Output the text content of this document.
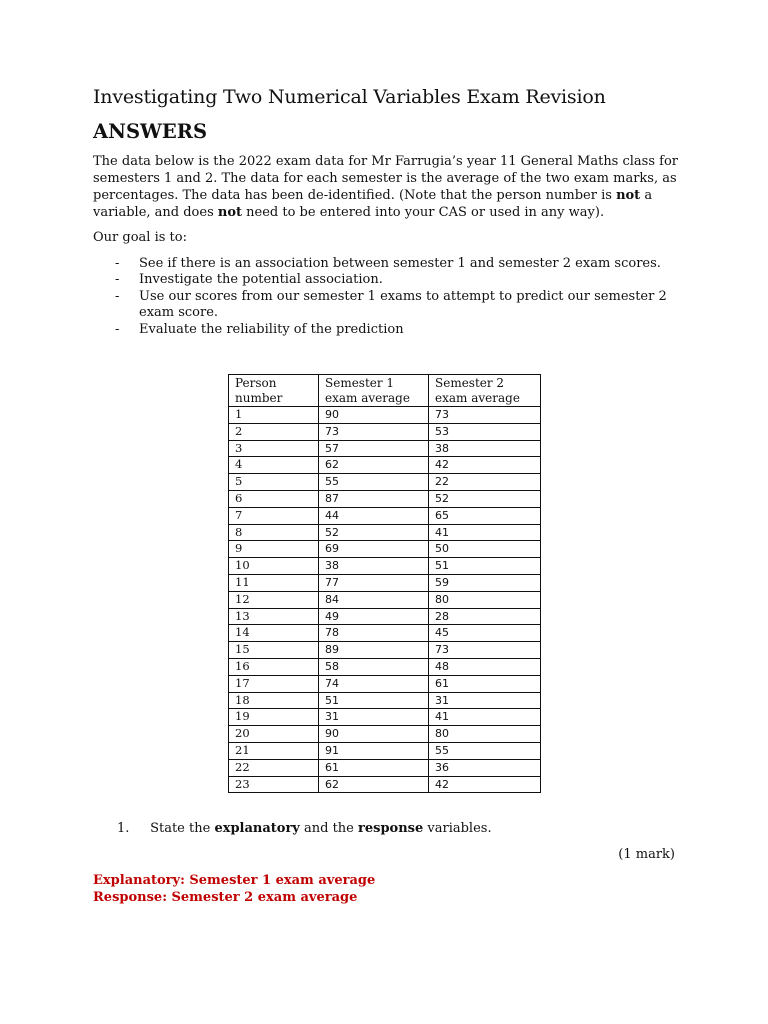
Investigating Two Numerical Variables Exam Revision
ANSWERS
The data below is the 2022 exam data for Mr Farrugia’s year 11 General Maths class for semesters 1 and 2. The data for each semester is the average of the two exam marks, as percentages. The data has been de-identified. (Note that the person number is not a variable, and does not need to be entered into your CAS or used in any way).
Our goal is to:
- See if there is an association between semester 1 and semester 2 exam scores.
- Investigate the potential association.
- Use our scores from our semester 1 exams to attempt to predict our semester 2 exam score.
- Evaluate the reliability of the prediction
Person number	Semester 1 exam average	Semester 2 exam average
1	90	73
2	73	53
3	57	38
4	62	42
5	55	22
6	87	52
7	44	65
8	52	41
9	69	50
10	38	51
11	77	59
12	84	80
13	49	28
14	78	45
15	89	73
16	58	48
17	74	61
18	51	31
19	31	41
20	90	80
21	91	55
22	61	36
23	62	42
1. State the explanatory and the response variables.
(1 mark)
Explanatory: Semester 1 exam average
Response: Semester 2 exam average
